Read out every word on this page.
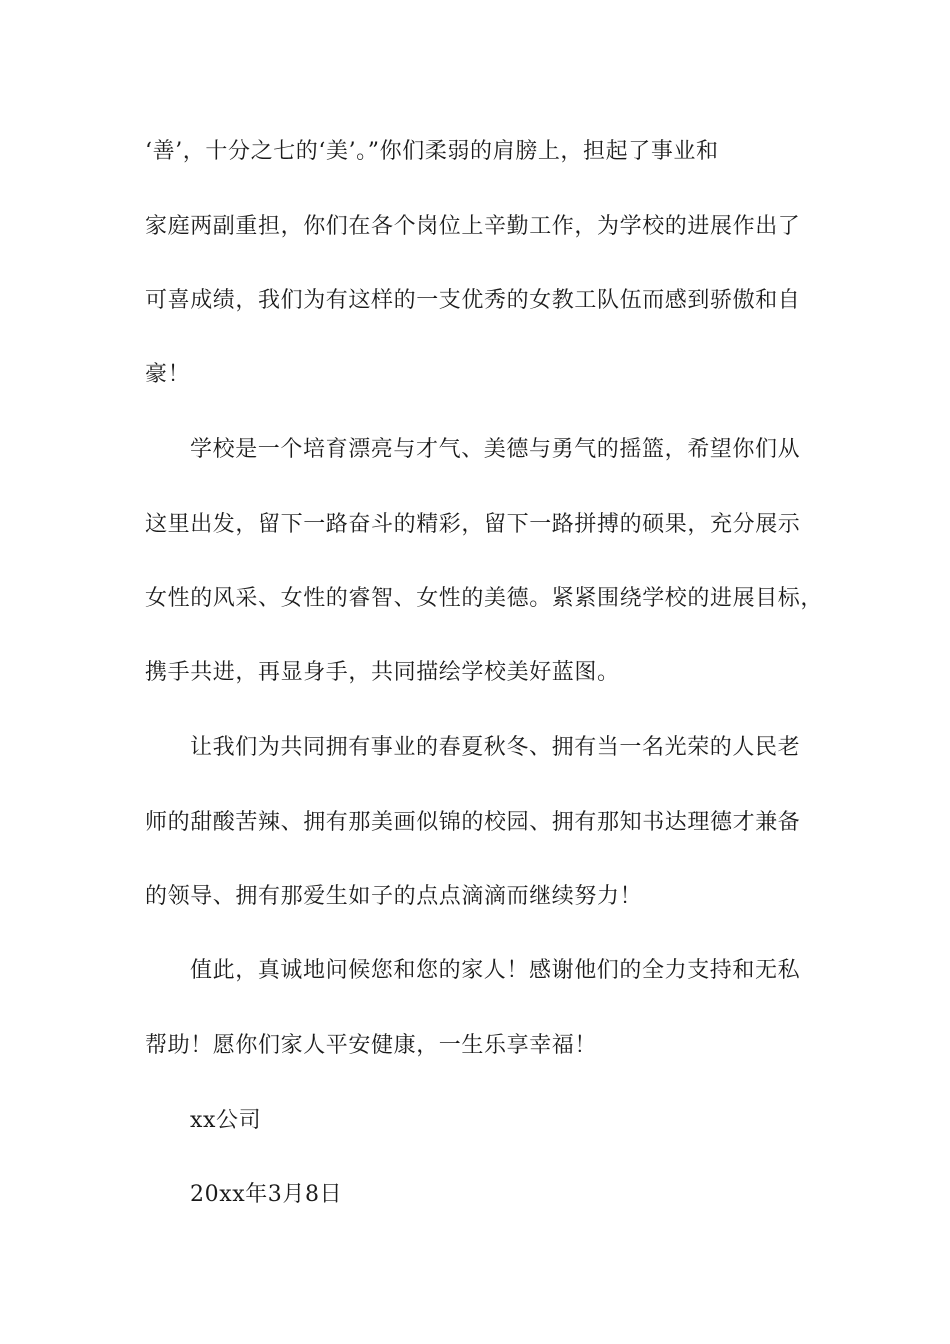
‘善’，十分之七的‘美’。”你们柔弱的肩膀上，担起了事业和
家庭两副重担，你们在各个岗位上辛勤工作，为学校的进展作出了
可喜成绩，我们为有这样的一支优秀的女教工队伍而感到骄傲和自
豪！
学校是一个培育漂亮与才气、美德与勇气的摇篮，希望你们从
这里出发，留下一路奋斗的精彩，留下一路拼搏的硕果，充分展示
女性的风采、女性的睿智、女性的美德。紧紧围绕学校的进展目标，
携手共进，再显身手，共同描绘学校美好蓝图。
让我们为共同拥有事业的春夏秋冬、拥有当一名光荣的人民老
师的甜酸苦辣、拥有那美画似锦的校园、拥有那知书达理德才兼备
的领导、拥有那爱生如子的点点滴滴而继续努力！
值此，真诚地问候您和您的家人！感谢他们的全力支持和无私
帮助！愿你们家人平安健康，一生乐享幸福！
xx公司
20xx年3月8日
